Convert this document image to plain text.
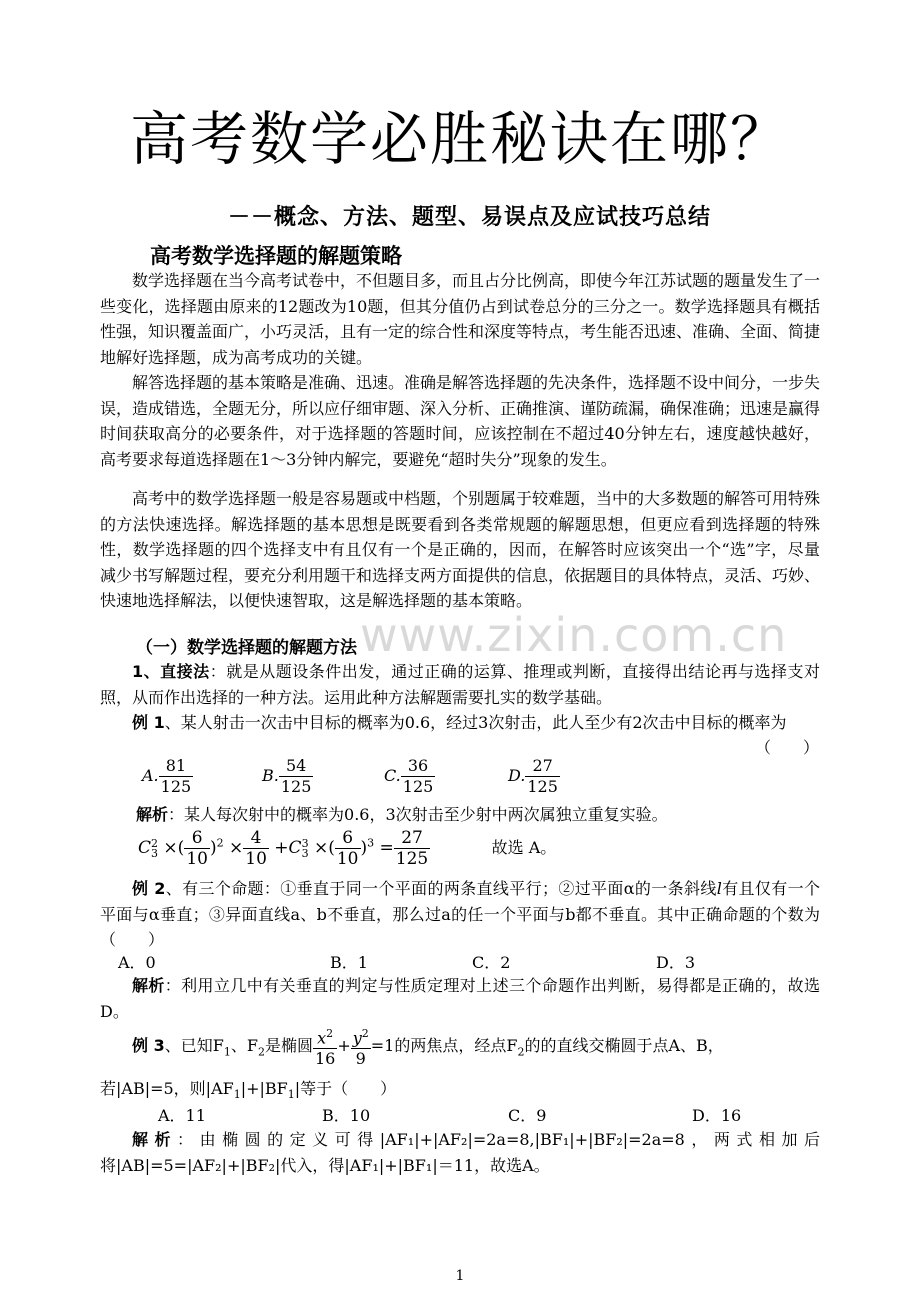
高考数学必胜秘诀在哪？
－－概念、方法、题型、易误点及应试技巧总结
高考数学选择题的解题策略

数学选择题在当今高考试卷中，不但题目多，而且占分比例高，即使今年江苏试题的题量发生了一些变化，选择题由原来的12题改为10题，但其分值仍占到试卷总分的三分之一。数学选择题具有概括性强，知识覆盖面广，小巧灵活，且有一定的综合性和深度等特点，考生能否迅速、准确、全面、简捷地解好选择题，成为高考成功的关键。

解答选择题的基本策略是准确、迅速。准确是解答选择题的先决条件，选择题不设中间分，一步失误，造成错选，全题无分，所以应仔细审题、深入分析、正确推演、谨防疏漏，确保准确；迅速是赢得时间获取高分的必要条件，对于选择题的答题时间，应该控制在不超过40分钟左右，速度越快越好，高考要求每道选择题在1～3分钟内解完，要避免“超时失分”现象的发生。

高考中的数学选择题一般是容易题或中档题，个别题属于较难题，当中的大多数题的解答可用特殊的方法快速选择。解选择题的基本思想是既要看到各类常规题的解题思想，但更应看到选择题的特殊性，数学选择题的四个选择支中有且仅有一个是正确的，因而，在解答时应该突出一个“选”字，尽量减少书写解题过程，要充分利用题干和选择支两方面提供的信息，依据题目的具体特点，灵活、巧妙、快速地选择解法，以便快速智取，这是解选择题的基本策略。

www.zixin.com.cn
（一）数学选择题的解题方法

1、直接法：就是从题设条件出发，通过正确的运算、推理或判断，直接得出结论再与选择支对照，从而作出选择的一种方法。运用此种方法解题需要扎实的数学基础。

例 1、某人射击一次击中目标的概率为0.6，经过3次射击，此人至少有2次击中目标的概率为

（　　）
A. $\frac{81}{125}$	B. $\frac{54}{125}$	C. $\frac{36}{125}$	D. $\frac{27}{125}$

解析：某人每次射中的概率为0.6，3次射击至少射中两次属独立重复实验。

C 2
3 ×( $\frac{6}{10} )^2 \times \frac{4}{10} +C$ 3
3 ×( $\frac{6}{10} )^3 = \frac{27}{125}$	故选 A。

例 2、有三个命题：①垂直于同一个平面的两条直线平行；②过平面α的一条斜线l有且仅有一个平面与α垂直；③异面直线a、b不垂直，那么过a的任一个平面与b都不垂直。其中正确命题的个数为（　　）

A．0	B．1	C．2	D．3

解析：利用立几中有关垂直的判定与性质定理对上述三个命题作出判断，易得都是正确的，故选D。

例 3、已知$F_1$、$F_2$是椭圆 $\frac{x^2}{16} + \frac{y^2}{9} =1$的两焦点，经点$F_2$的的直线交椭圆于点A、B，
若|AB|=5，则$|AF_1|+|BF_1|$等于（　　）
A．11	B．10	C．9	D．16

解析：由椭圆的定义可得|AF₁|+|AF₂|=2a=8,|BF₁|+|BF₂|=2a=8，两式相加后将|AB|=5=|AF₂|+|BF₂|代入，得|AF₁|+|BF₁|＝11，故选A。

1
